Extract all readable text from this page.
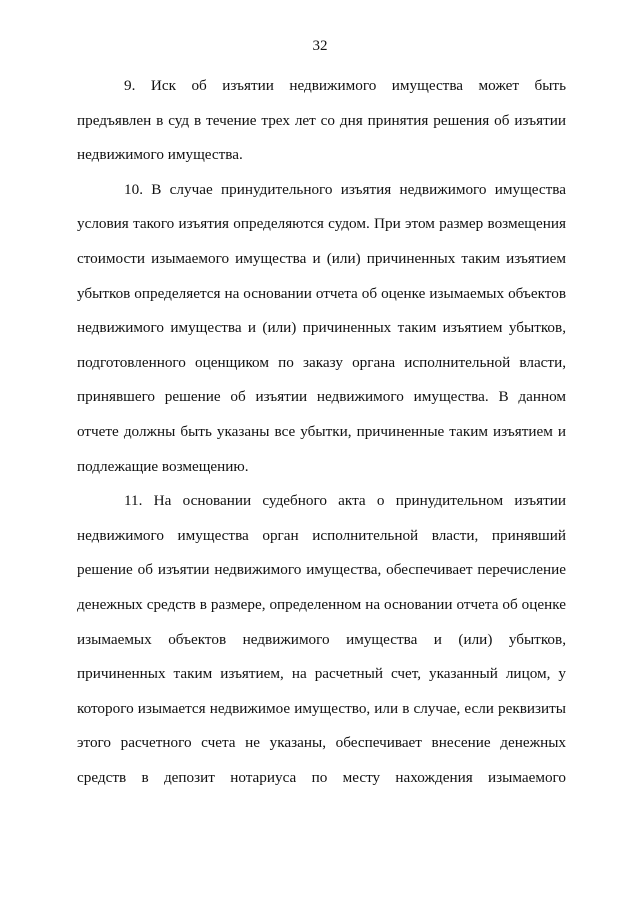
32

9. Иск об изъятии недвижимого имущества может быть
предъявлен в суд в течение трех лет со дня принятия решения об изъятии
недвижимого имущества.

10. В случае принудительного изъятия недвижимого имущества
условия такого изъятия определяются судом. При этом размер возмещения
стоимости изымаемого имущества и (или) причиненных таким изъятием
убытков определяется на основании отчета об оценке изымаемых объектов
недвижимого имущества и (или) причиненных таким изъятием убытков,
подготовленного оценщиком по заказу органа исполнительной власти,
принявшего решение об изъятии недвижимого имущества. В данном
отчете должны быть указаны все убытки, причиненные таким изъятием и
подлежащие возмещению.

11. На основании судебного акта о принудительном изъятии
недвижимого имущества орган исполнительной власти, принявший
решение об изъятии недвижимого имущества, обеспечивает перечисление
денежных средств в размере, определенном на основании отчета об оценке
изымаемых объектов недвижимого имущества и (или) убытков,
причиненных таким изъятием, на расчетный счет, указанный лицом, у
которого изымается недвижимое имущество, или в случае, если реквизиты
этого расчетного счета не указаны, обеспечивает внесение денежных
средств в депозит нотариуса по месту нахождения изымаемого
